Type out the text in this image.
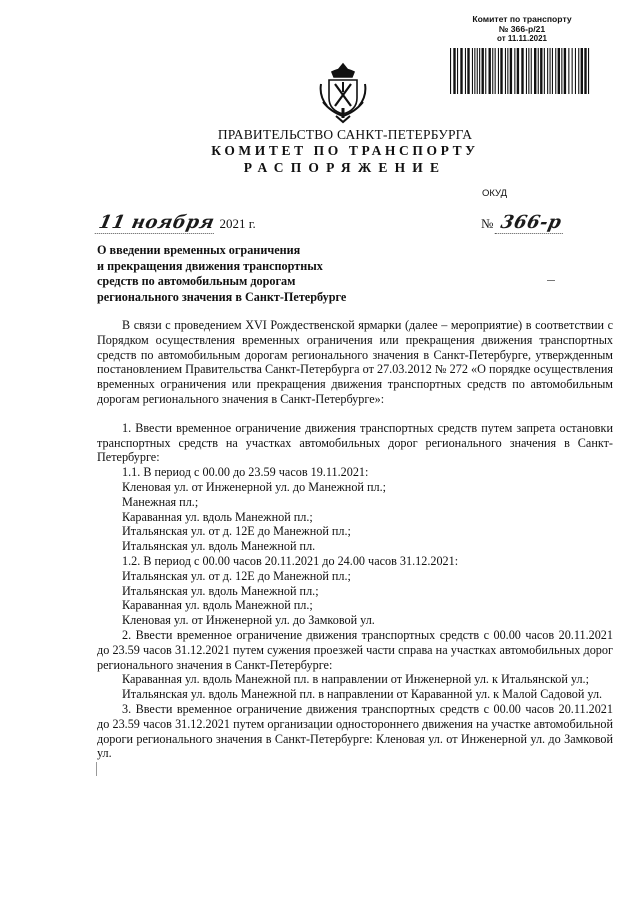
Комитет по транспорту
№ 366-р/21
от 11.11.2021
ПРАВИТЕЛЬСТВО САНКТ-ПЕТЕРБУРГА
КОМИТЕТ ПО ТРАНСПОРТУ
РАСПОРЯЖЕНИЕ
ОКУД
11 ноября 2021 г.	№ 366-р
О введении временных ограничения
и прекращения движения транспортных
средств по автомобильным дорогам
регионального значения в Санкт-Петербурге

В связи с проведением XVI Рождественской ярмарки (далее – мероприятие) в соответствии с Порядком осуществления временных ограничения или прекращения движения транспортных средств по автомобильным дорогам регионального значения в Санкт-Петербурге, утвержденным постановлением Правительства Санкт-Петербурга от 27.03.2012 № 272 «О порядке осуществления временных ограничения или прекращения движения транспортных средств по автомобильным дорогам регионального значения в Санкт-Петербурге»:

1. Ввести временное ограничение движения транспортных средств путем запрета остановки транспортных средств на участках автомобильных дорог регионального значения в Санкт-Петербурге:

1.1. В период с 00.00 до 23.59 часов 19.11.2021:

Кленовая ул. от Инженерной ул. до Манежной пл.;

Манежная пл.;

Караванная ул. вдоль Манежной пл.;

Итальянская ул. от д. 12Е до Манежной пл.;

Итальянская ул. вдоль Манежной пл.

1.2. В период с 00.00 часов 20.11.2021 до 24.00 часов 31.12.2021:

Итальянская ул. от д. 12Е до Манежной пл.;

Итальянская ул. вдоль Манежной пл.;

Караванная ул. вдоль Манежной пл.;

Кленовая ул. от Инженерной ул. до Замковой ул.

2. Ввести временное ограничение движения транспортных средств с 00.00 часов 20.11.2021 до 23.59 часов 31.12.2021 путем сужения проезжей части справа на участках автомобильных дорог регионального значения в Санкт-Петербурге:

Караванная ул. вдоль Манежной пл. в направлении от Инженерной ул. к Итальянской ул.;

Итальянская ул. вдоль Манежной пл. в направлении от Караванной ул. к Малой Садовой ул.

3. Ввести временное ограничение движения транспортных средств с 00.00 часов 20.11.2021 до 23.59 часов 31.12.2021 путем организации одностороннего движения на участке автомобильной дороги регионального значения в Санкт-Петербурге: Кленовая ул. от Инженерной ул. до Замковой ул.
